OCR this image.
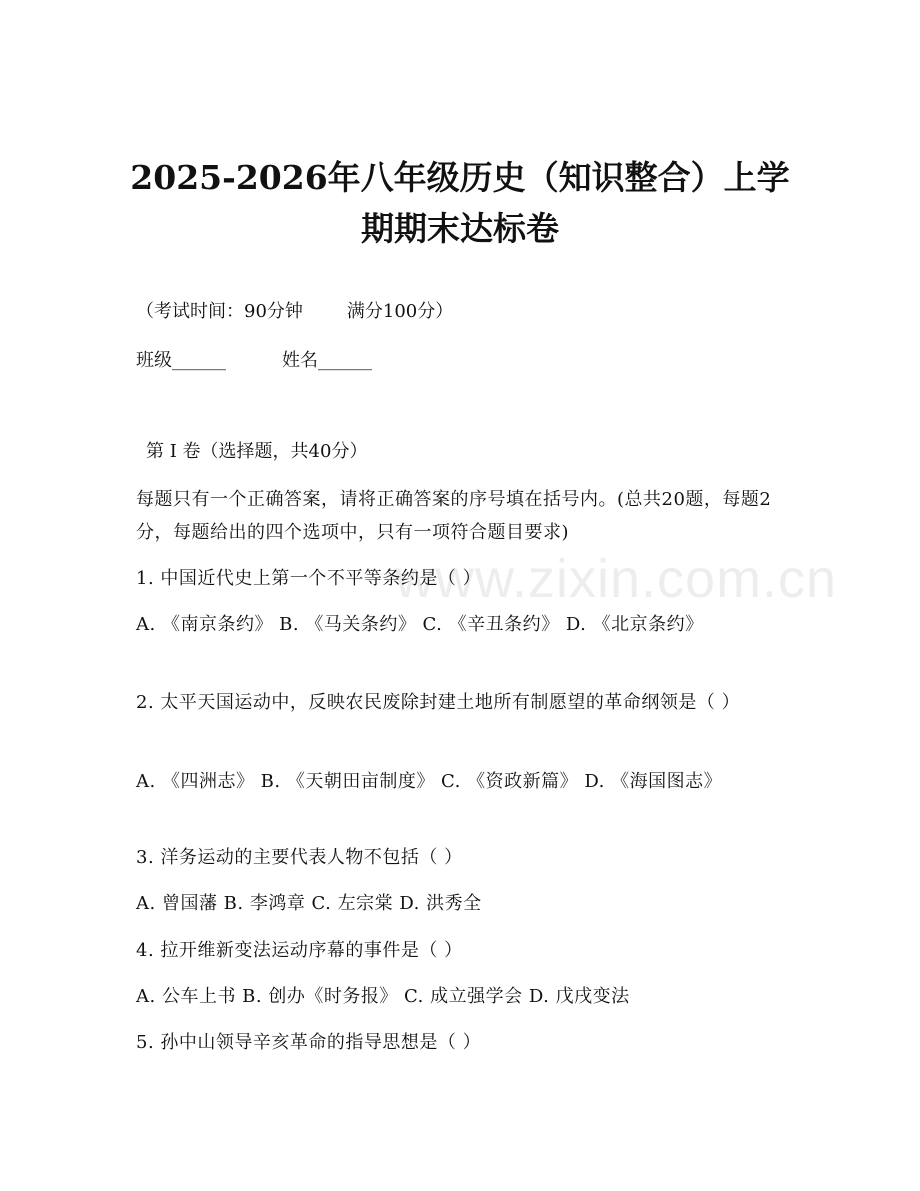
www.zixin.com.cn
2025-2026年八年级历史（知识整合）上学
期期末达标卷
（考试时间：90分钟 满分100分）
班级______	姓名______
第 I 卷（选择题，共40分）
每题只有一个正确答案，请将正确答案的序号填在括号内。(总共20题，每题2分，每题给出的四个选项中，只有一项符合题目要求)
1. 中国近代史上第一个不平等条约是（ ）
A. 《南京条约》 B. 《马关条约》 C. 《辛丑条约》 D. 《北京条约》
2. 太平天国运动中，反映农民废除封建土地所有制愿望的革命纲领是（ ）
A. 《四洲志》 B. 《天朝田亩制度》 C. 《资政新篇》 D. 《海国图志》
3. 洋务运动的主要代表人物不包括（ ）
A. 曾国藩 B. 李鸿章 C. 左宗棠 D. 洪秀全
4. 拉开维新变法运动序幕的事件是（ ）
A. 公车上书 B. 创办《时务报》 C. 成立强学会 D. 戊戌变法
5. 孙中山领导辛亥革命的指导思想是（ ）
